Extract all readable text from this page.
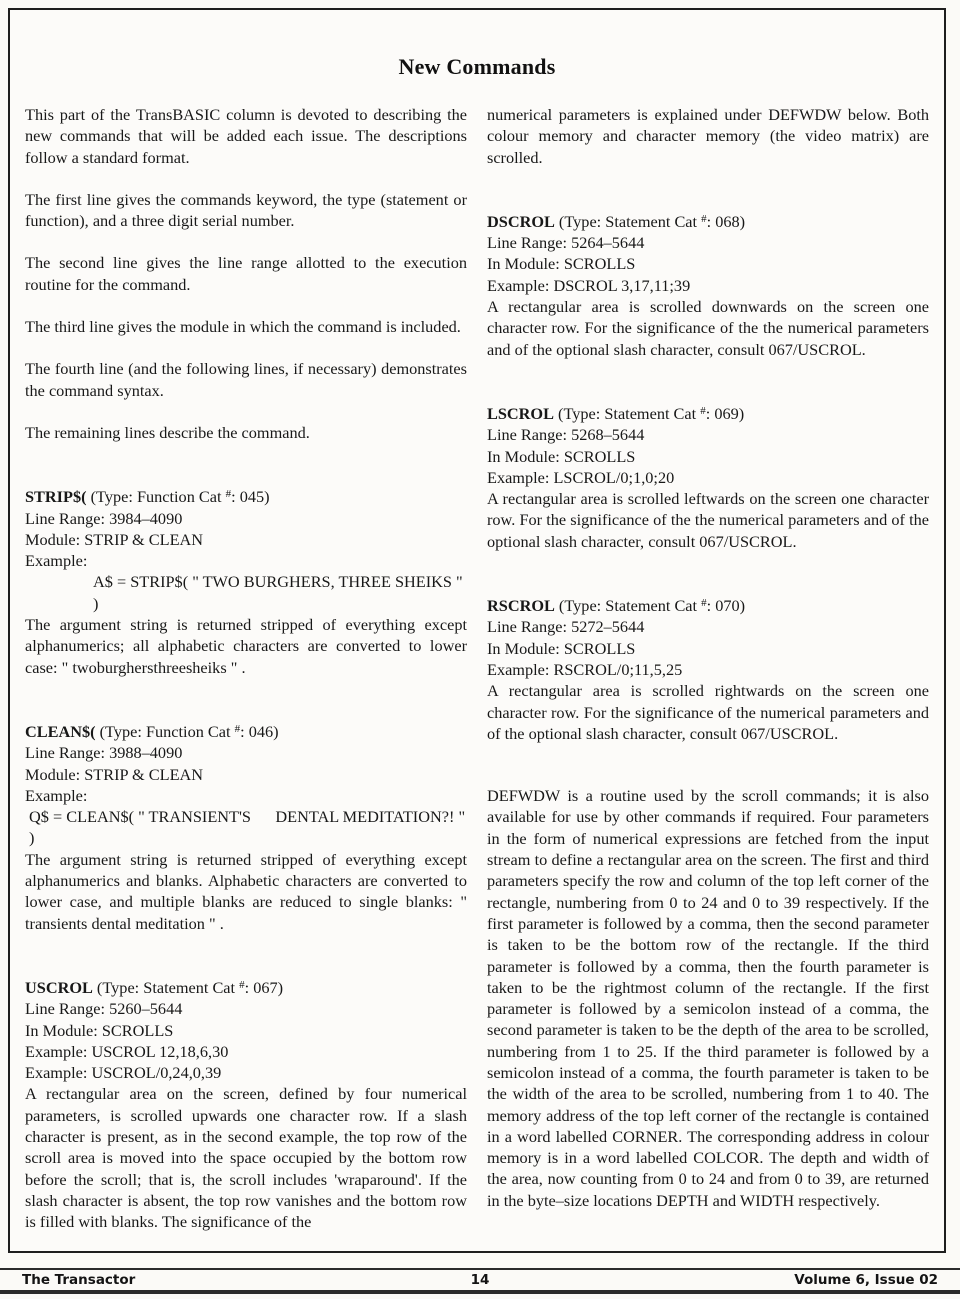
New Commands

This part of the TransBASIC column is devoted to describing the new commands that will be added each issue. The descriptions follow a standard format.

The first line gives the commands keyword, the type (statement or function), and a three digit serial number.

The second line gives the line range allotted to the execution routine for the command.

The third line gives the module in which the command is included.

The fourth line (and the following lines, if necessary) demonstrates the command syntax.

The remaining lines describe the command.

STRIP$( (Type: Function Cat #: 045)
Line Range: 3984–4090
Module: STRIP & CLEAN
Example:
A$ = STRIP$( " TWO BURGHERS, THREE SHEIKS " )

The argument string is returned stripped of everything except alphanumerics; all alphabetic characters are converted to lower case: " twoburghersthreesheiks " .

CLEAN$( (Type: Function Cat #: 046)
Line Range: 3988–4090
Module: STRIP & CLEAN
Example:
Q$ = CLEAN$( " TRANSIENT'S      DENTAL MEDITATION?! " )

The argument string is returned stripped of everything except alphanumerics and blanks. Alphabetic characters are converted to lower case, and multiple blanks are reduced to single blanks: " transients dental meditation " .

USCROL (Type: Statement Cat #: 067)
Line Range: 5260–5644
In Module: SCROLLS
Example: USCROL 12,18,6,30
Example: USCROL/0,24,0,39

A rectangular area on the screen, defined by four numerical parameters, is scrolled upwards one character row. If a slash character is present, as in the second example, the top row of the scroll area is moved into the space occupied by the bottom row before the scroll; that is, the scroll includes 'wraparound'. If the slash character is absent, the top row vanishes and the bottom row is filled with blanks. The significance of the

numerical parameters is explained under DEFWDW below. Both colour memory and character memory (the video matrix) are scrolled.

DSCROL (Type: Statement Cat #: 068)
Line Range: 5264–5644
In Module: SCROLLS
Example: DSCROL 3,17,11;39

A rectangular area is scrolled downwards on the screen one character row. For the significance of the the numerical parameters and of the optional slash character, consult 067/USCROL.

LSCROL (Type: Statement Cat #: 069)
Line Range: 5268–5644
In Module: SCROLLS
Example: LSCROL/0;1,0;20

A rectangular area is scrolled leftwards on the screen one character row. For the significance of the the numerical parameters and of the optional slash character, consult 067/USCROL.

RSCROL (Type: Statement Cat #: 070)
Line Range: 5272–5644
In Module: SCROLLS
Example: RSCROL/0;11,5,25

A rectangular area is scrolled rightwards on the screen one character row. For the significance of the numerical parameters and of the optional slash character, consult 067/USCROL.

DEFWDW is a routine used by the scroll commands; it is also available for use by other commands if required. Four parameters in the form of numerical expressions are fetched from the input stream to define a rectangular area on the screen. The first and third parameters specify the row and column of the top left corner of the rectangle, numbering from 0 to 24 and 0 to 39 respectively. If the first parameter is followed by a comma, then the second parameter is taken to be the bottom row of the rectangle. If the third parameter is followed by a comma, then the fourth parameter is taken to be the rightmost column of the rectangle. If the first parameter is followed by a semicolon instead of a comma, the second parameter is taken to be the depth of the area to be scrolled, numbering from 1 to 25. If the third parameter is followed by a semicolon instead of a comma, the fourth parameter is taken to be the width of the area to be scrolled, numbering from 1 to 40. The memory address of the top left corner of the rectangle is contained in a word labelled CORNER. The corresponding address in colour memory is in a word labelled COLCOR. The depth and width of the area, now counting from 0 to 24 and from 0 to 39, are returned in the byte–size locations DEPTH and WIDTH respectively.

The Transactor	14	Volume 6, Issue 02
